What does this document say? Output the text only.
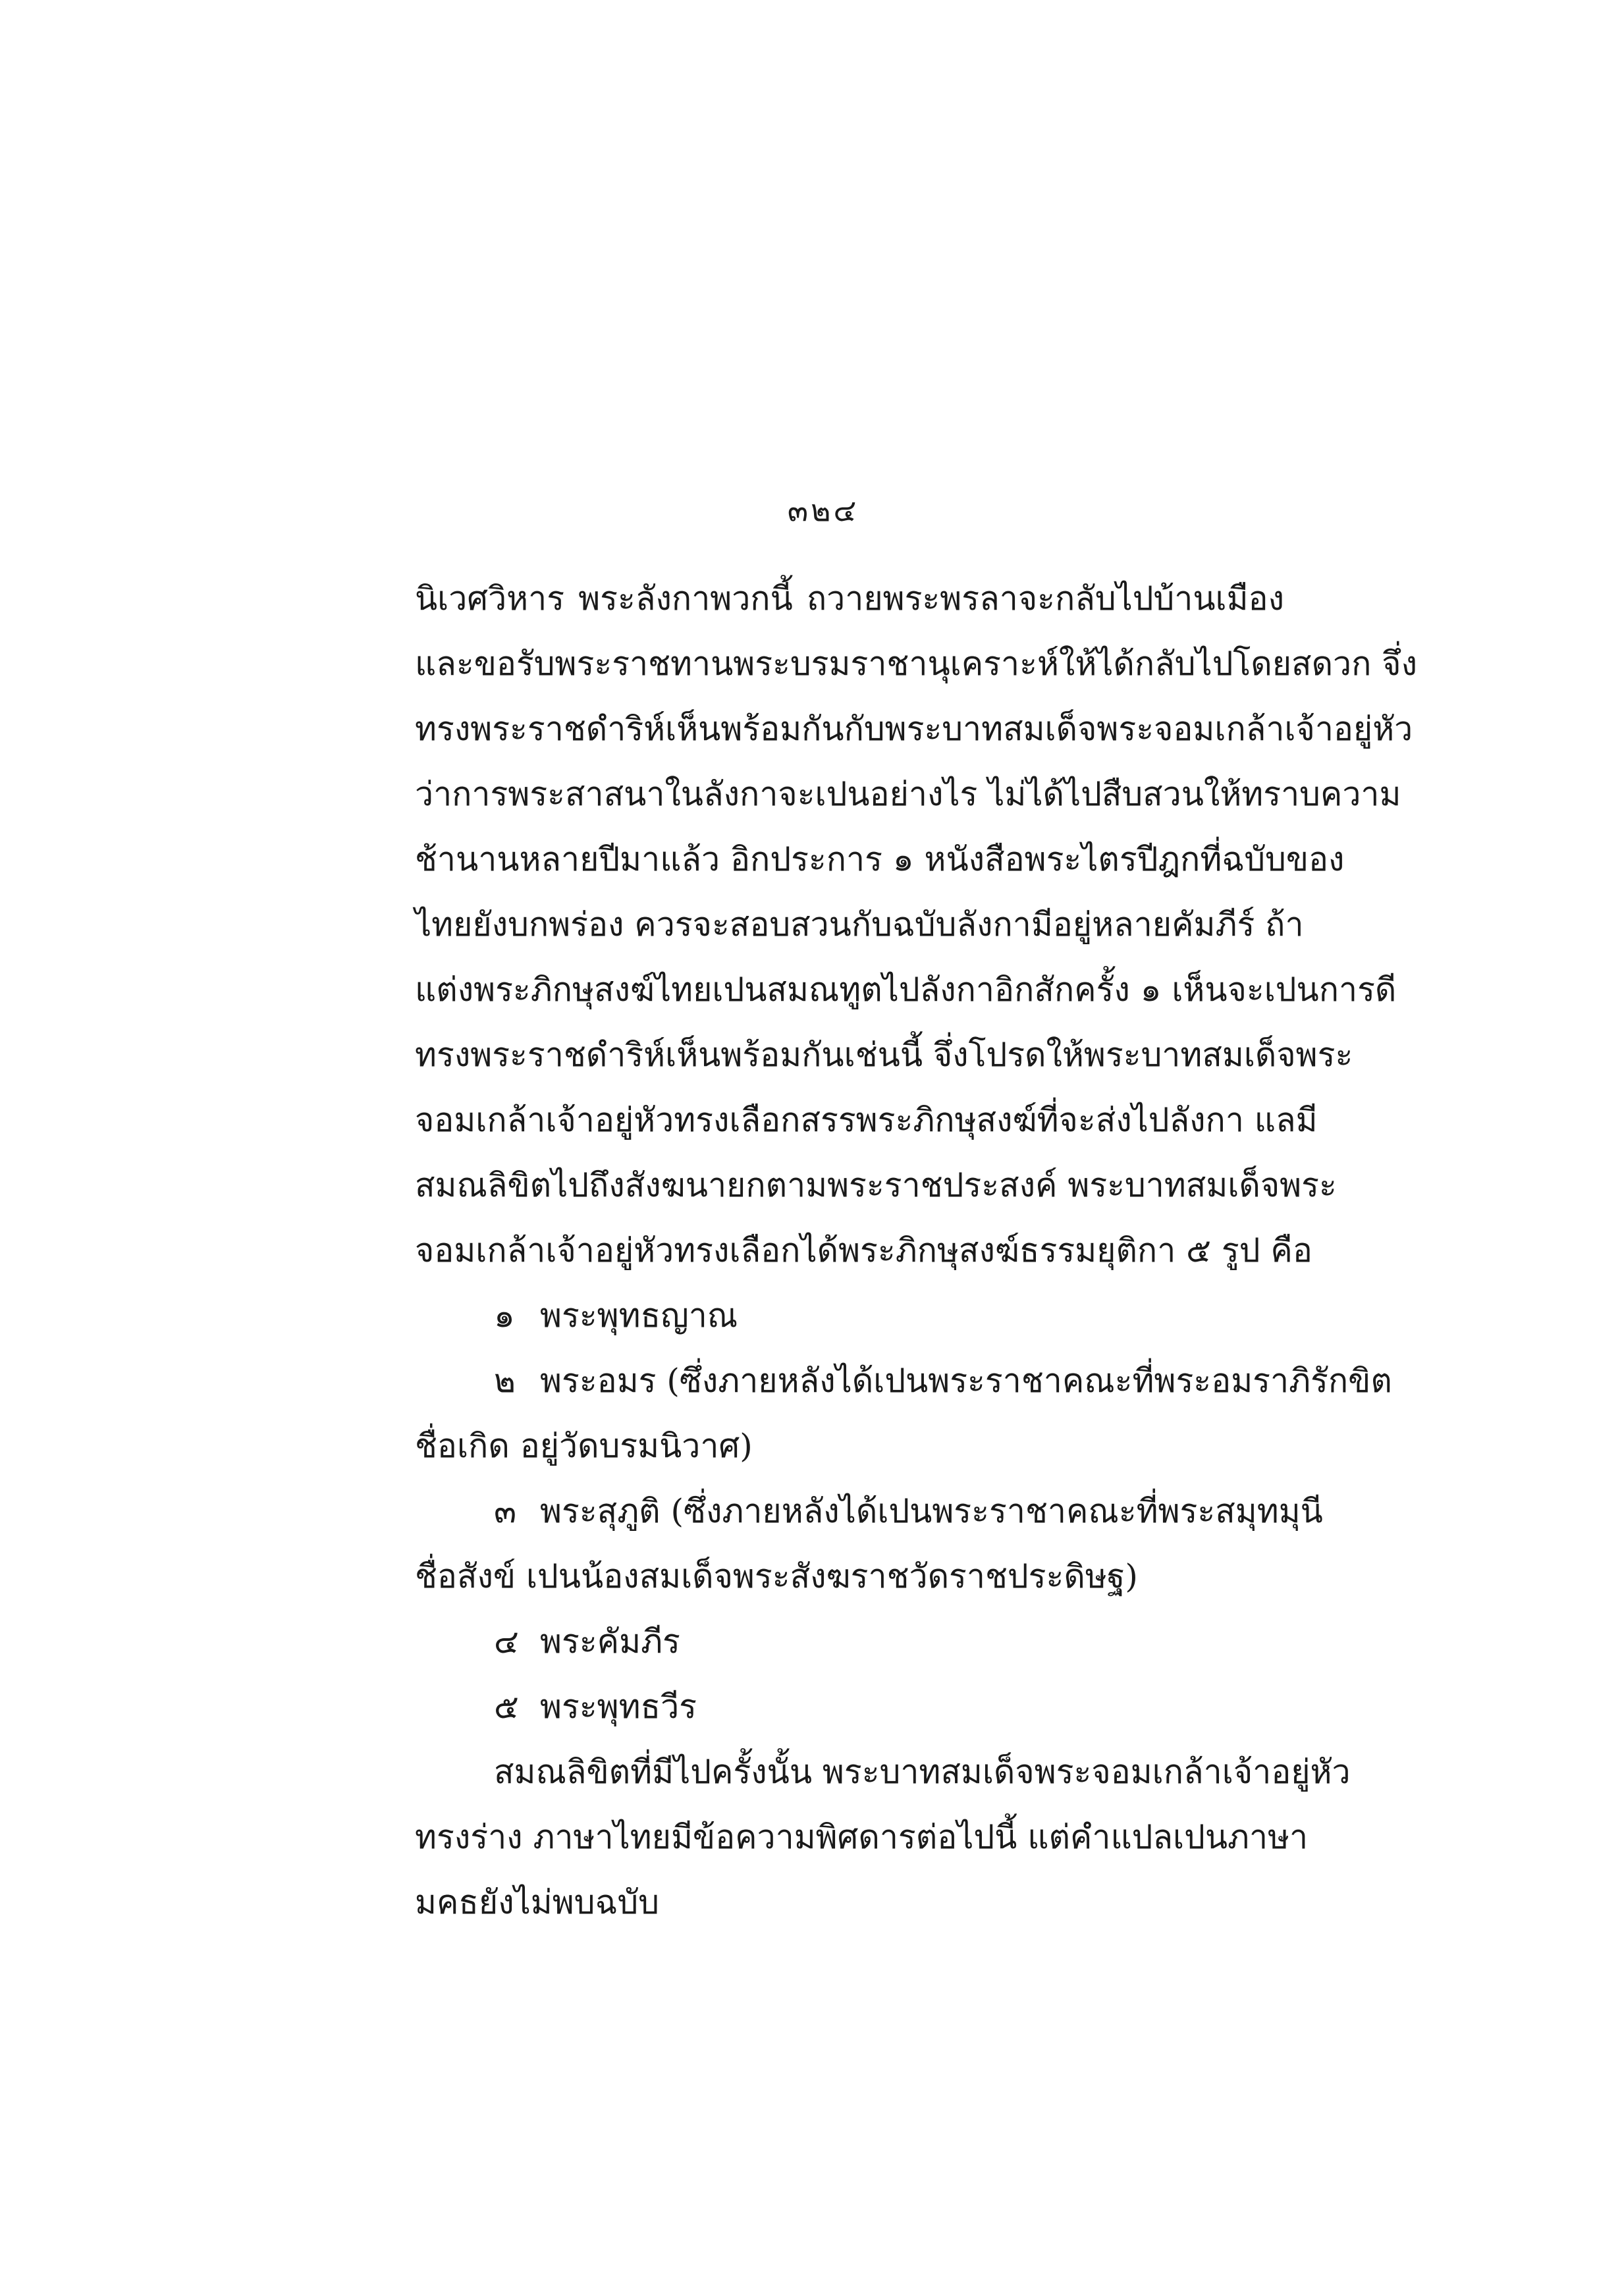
๓๒๔
นิเวศวิหาร พระลังกาพวกนี้ ถวายพระพรลาจะกลับไปบ้านเมือง
และขอรับพระราชทานพระบรมราชานุเคราะห์ให้ได้กลับไปโดยสดวก จึ่ง
ทรงพระราชดำริห์เห็นพร้อมกันกับพระบาทสมเด็จพระจอมเกล้าเจ้าอยู่หัว
ว่าการพระสาสนาในลังกาจะเปนอย่างไร ไม่ได้ไปสืบสวนให้ทราบความ
ช้านานหลายปีมาแล้ว อิกประการ ๑ หนังสือพระไตรปีฎกที่ฉบับของ
ไทยยังบกพร่อง ควรจะสอบสวนกับฉบับลังกามีอยู่หลายคัมภีร์ ถ้า
แต่งพระภิกษุสงฆ์ไทยเปนสมณทูตไปลังกาอิกสักครั้ง ๑ เห็นจะเปนการดี
ทรงพระราชดำริห์เห็นพร้อมกันเช่นนี้ จึ่งโปรดให้พระบาทสมเด็จพระ
จอมเกล้าเจ้าอยู่หัวทรงเลือกสรรพระภิกษุสงฆ์ที่จะส่งไปลังกา แลมี
สมณลิขิตไปถึงสังฆนายกตามพระราชประสงค์ พระบาทสมเด็จพระ
จอมเกล้าเจ้าอยู่หัวทรงเลือกได้พระภิกษุสงฆ์ธรรมยุติกา ๕ รูป คือ
๑ พระพุทธญาณ
๒ พระอมร (ซึ่งภายหลังได้เปนพระราชาคณะที่พระอมราภิรักขิต
ชื่อเกิด อยู่วัดบรมนิวาศ)
๓ พระสุภูติ (ซึ่งภายหลังได้เปนพระราชาคณะที่พระสมุทมุนี
ชื่อสังข์ เปนน้องสมเด็จพระสังฆราชวัดราชประดิษฐ)
๔ พระคัมภีร
๕ พระพุทธวีร
สมณลิขิตที่มีไปครั้งนั้น พระบาทสมเด็จพระจอมเกล้าเจ้าอยู่หัว
ทรงร่าง ภาษาไทยมีข้อความพิศดารต่อไปนี้ แต่คำแปลเปนภาษา
มคธยังไม่พบฉบับ
